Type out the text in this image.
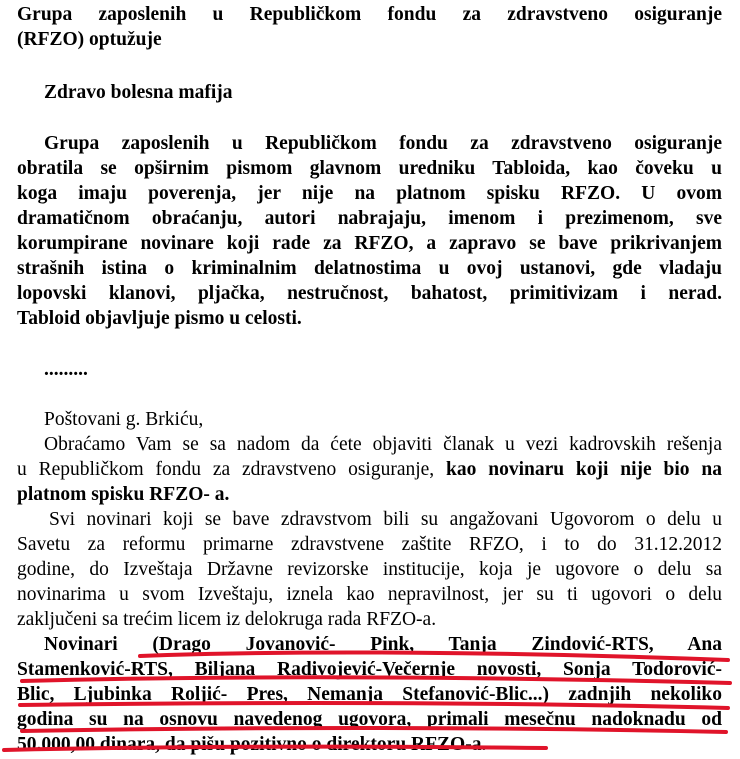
Grupa zaposlenih u Republičkom fondu za zdravstveno osiguranje
(RFZO) optužuje
Zdravo bolesna mafija
Grupa zaposlenih u Republičkom fondu za zdravstveno osiguranje
obratila se opširnim pismom glavnom uredniku Tabloida, kao čoveku u
koga imaju poverenja, jer nije na platnom spisku RFZO. U ovom
dramatičnom obraćanju, autori nabrajaju, imenom i prezimenom, sve
korumpirane novinare koji rade za RFZO, a zapravo se bave prikrivanjem
strašnih istina o kriminalnim delatnostima u ovoj ustanovi, gde vladaju
lopovski klanovi, pljačka, nestručnost, bahatost, primitivizam i nerad.
Tabloid objavljuje pismo u celosti.
.........
Poštovani g. Brkiću,
Obraćamo Vam se sa nadom da ćete objaviti članak u vezi kadrovskih rešenja
u Republičkom fondu za zdravstveno osiguranje, kao novinaru koji nije bio na
platnom spisku RFZO- a.
Svi novinari koji se bave zdravstvom bili su angažovani Ugovorom o delu u
Savetu za reformu primarne zdravstvene zaštite RFZO, i to do 31.12.2012
godine, do Izveštaja Državne revizorske institucije, koja je ugovore o delu sa
novinarima u svom Izveštaju, iznela kao nepravilnost, jer su ti ugovori o delu
zaključeni sa trećim licem iz delokruga rada RFZO-a.
Novinari (Drago Jovanović- Pink, Tanja Zindović-RTS, Ana
Stamenković-RTS, Biljana Radivojević-Večernje novosti, Sonja Todorović-
Blic, Ljubinka Roljić- Pres, Nemanja Stefanović-Blic...) zadnjih nekoliko
godina su na osnovu navedenog ugovora, primali mesečnu nadoknadu od
50.000,00 dinara, da pišu pozitivno o direktoru RFZO-a.
